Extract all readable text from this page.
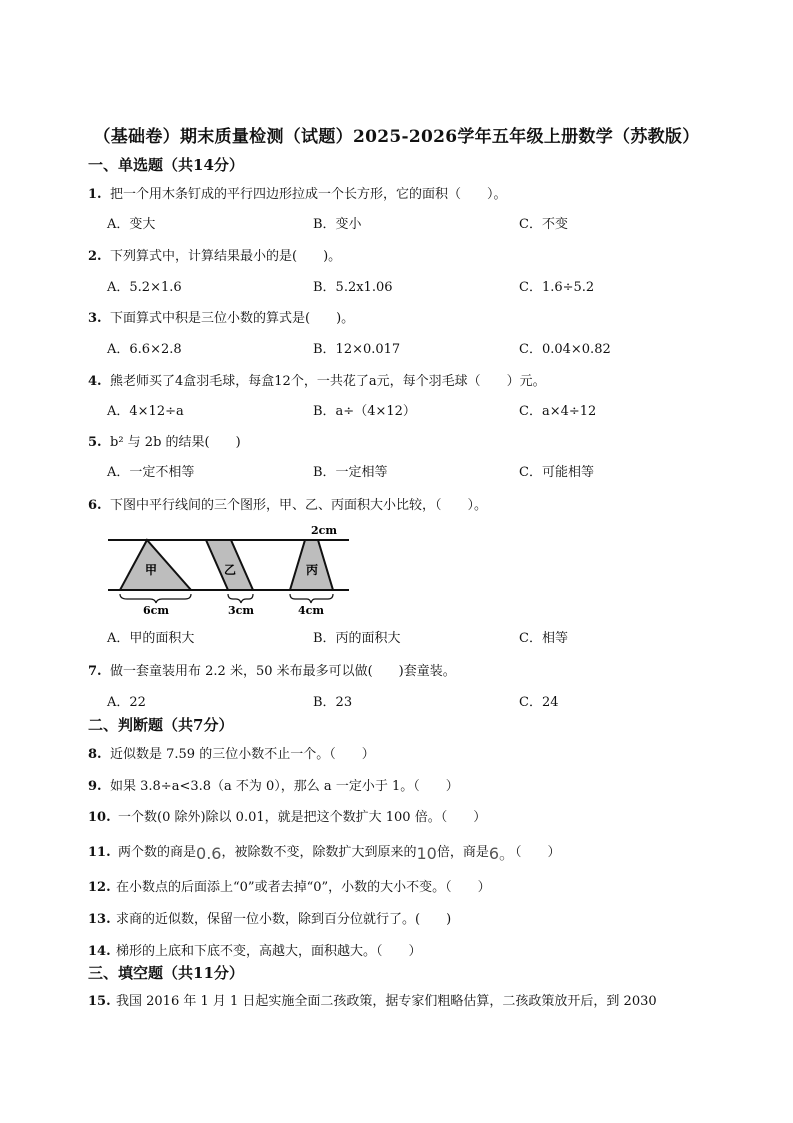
（基础卷）期末质量检测（试题）2025-2026学年五年级上册数学（苏教版）
一、单选题（共14分）
1. 把一个用木条钉成的平行四边形拉成一个长方形，它的面积（　　）。
A．变大	B．变小	C．不变
2. 下列算式中，计算结果最小的是(　　)。
A．5.2×1.6	B．5.2x1.06	C．1.6÷5.2
3. 下面算式中积是三位小数的算式是(　　)。
A．6.6×2.8	B．12×0.017	C．0.04×0.82
4. 熊老师买了4盒羽毛球，每盒12个，一共花了a元，每个羽毛球（　　）元。
A．4×12÷a	B．a÷（4×12）	C．a×4÷12
5. b² 与 2b 的结果(　　)
A．一定不相等	B．一定相等	C．可能相等
6. 下图中平行线间的三个图形，甲、乙、丙面积大小比较，（　　）。
2cm
甲	乙	丙
6cm	3cm	4cm
A．甲的面积大	B．丙的面积大	C．相等
7. 做一套童装用布 2.2 米，50 米布最多可以做(　　)套童装。
A．22	B．23	C．24
二、判断题（共7分）
8. 近似数是 7.59 的三位小数不止一个。（　　）
9. 如果 3.8÷a<3.8（a 不为 0），那么 a 一定小于 1。（　　）
10. 一个数(0 除外)除以 0.01，就是把这个数扩大 100 倍。（　　）
11. 两个数的商是0.6，被除数不变，除数扩大到原来的10倍，商是6。（　　）
12. 在小数点的后面添上“0”或者去掉“0”，小数的大小不变。（　　）
13. 求商的近似数，保留一位小数，除到百分位就行了。(　　)
14. 梯形的上底和下底不变，高越大，面积越大。（　　）
三、填空题（共11分）
15. 我国 2016 年 1 月 1 日起实施全面二孩政策，据专家们粗略估算，二孩政策放开后，到 2030
